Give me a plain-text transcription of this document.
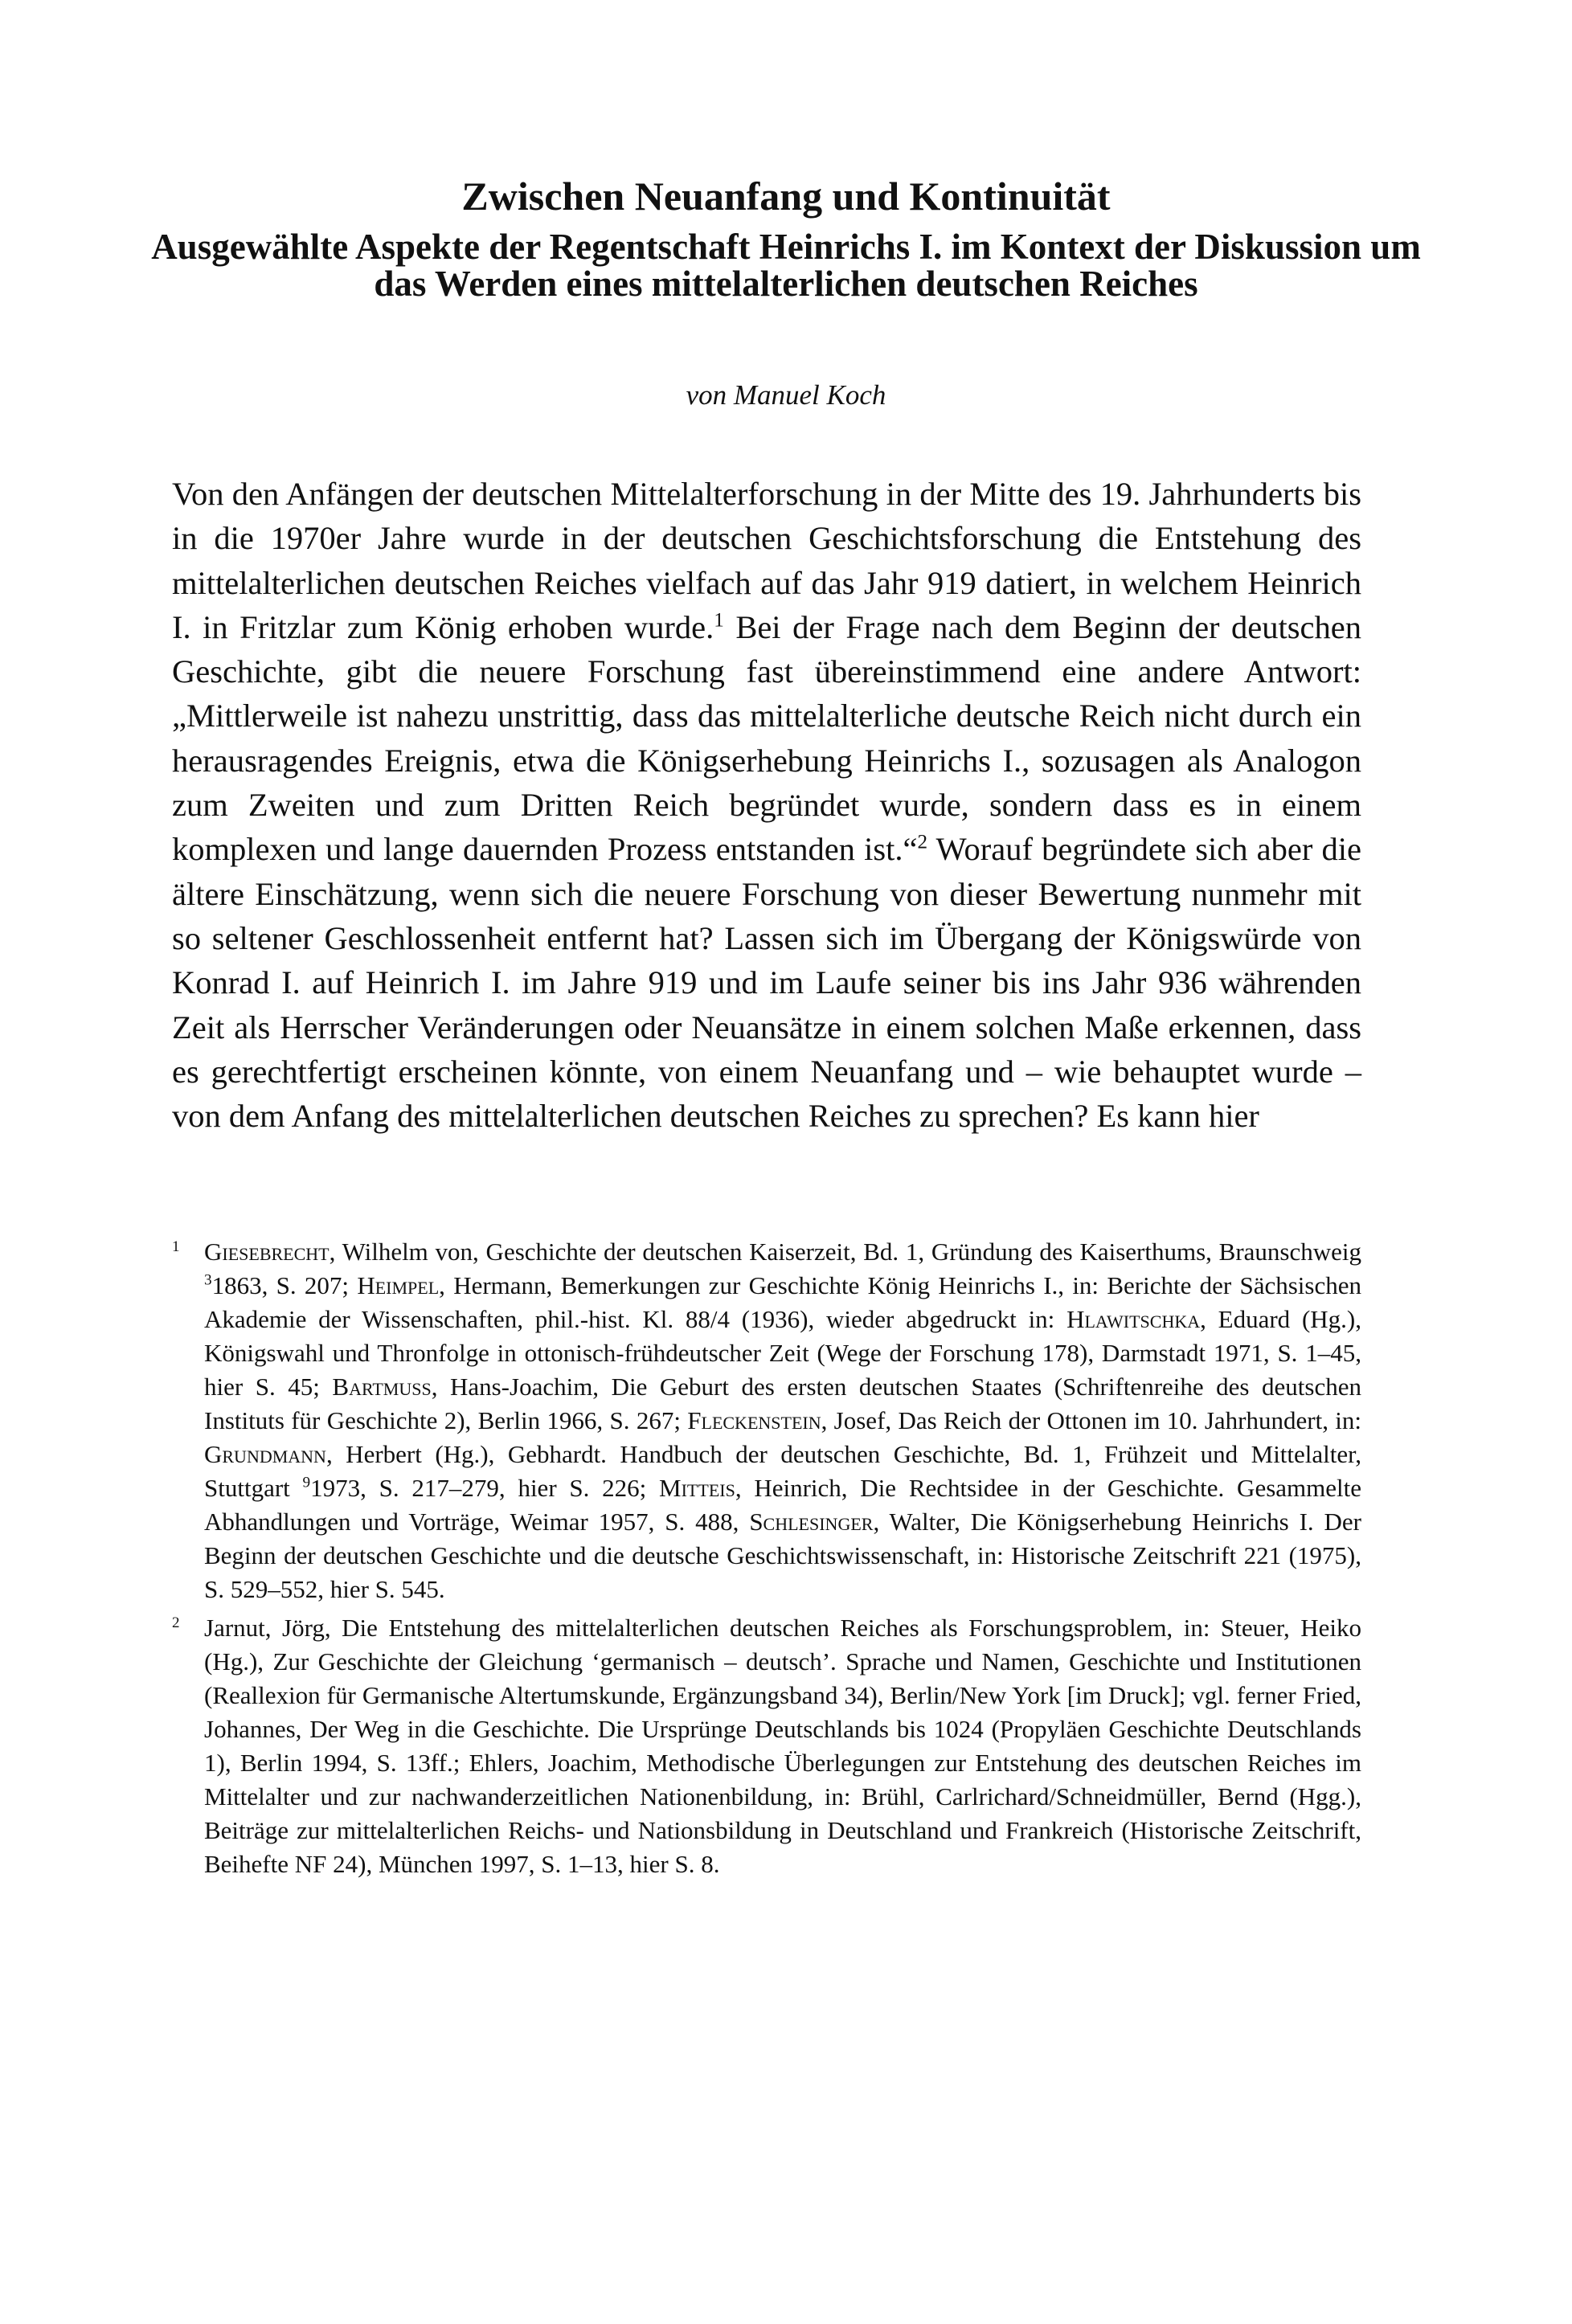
Zwischen Neuanfang und Kontinuität
Ausgewählte Aspekte der Regentschaft Heinrichs I. im Kontext der Diskussion um das Werden eines mittelalterlichen deutschen Reiches

von Manuel Koch

Von den Anfängen der deutschen Mittelalterforschung in der Mitte des 19. Jahrhunderts bis in die 1970er Jahre wurde in der deutschen Geschichtsforschung die Entstehung des mittelalterlichen deutschen Reiches vielfach auf das Jahr 919 datiert, in welchem Heinrich I. in Fritzlar zum König erhoben wurde.$^1$ Bei der Frage nach dem Beginn der deutschen Geschichte, gibt die neuere Forschung fast übereinstimmend eine andere Antwort: „Mittlerweile ist nahezu unstrittig, dass das mittelalterliche deutsche Reich nicht durch ein herausragendes Ereignis, etwa die Königserhebung Heinrichs I., sozusagen als Analogon zum Zweiten und zum Dritten Reich begründet wurde, sondern dass es in einem komplexen und lange dauernden Prozess entstanden ist.“$^2$ Worauf begründete sich aber die ältere Einschätzung, wenn sich die neuere Forschung von dieser Bewertung nunmehr mit so seltener Geschlossenheit entfernt hat? Lassen sich im Übergang der Königswürde von Konrad I. auf Heinrich I. im Jahre 919 und im Laufe seiner bis ins Jahr 936 währenden Zeit als Herrscher Veränderungen oder Neuansätze in einem solchen Maße erkennen, dass es gerechtfertigt erscheinen könnte, von einem Neuanfang und – wie behauptet wurde – von dem Anfang des mittelalterlichen deutschen Reiches zu sprechen? Es kann hier

1 Giesebrecht, Wilhelm von, Geschichte der deutschen Kaiserzeit, Bd. 1, Gründung des Kaiserthums, Braunschweig $^3$1863, S. 207; Heimpel, Hermann, Bemerkungen zur Geschichte König Heinrichs I., in: Berichte der Sächsischen Akademie der Wissenschaften, phil.-hist. Kl. 88/4 (1936), wieder abgedruckt in: Hlawitschka, Eduard (Hg.), Königswahl und Thronfolge in ottonisch-frühdeutscher Zeit (Wege der Forschung 178), Darmstadt 1971, S. 1–45, hier S. 45; Bartmuss, Hans-Joachim, Die Geburt des ersten deutschen Staates (Schriftenreihe des deutschen Instituts für Geschichte 2), Berlin 1966, S. 267; Fleckenstein, Josef, Das Reich der Ottonen im 10. Jahrhundert, in: Grundmann, Herbert (Hg.), Gebhardt. Handbuch der deutschen Geschichte, Bd. 1, Frühzeit und Mittelalter, Stuttgart $^9$1973, S. 217–279, hier S. 226; Mitteis, Heinrich, Die Rechtsidee in der Geschichte. Gesammelte Abhandlungen und Vorträge, Weimar 1957, S. 488, Schlesinger, Walter, Die Königserhebung Heinrichs I. Der Beginn der deutschen Geschichte und die deutsche Geschichtswissenschaft, in: Historische Zeitschrift 221 (1975), S. 529–552, hier S. 545.

2 Jarnut, Jörg, Die Entstehung des mittelalterlichen deutschen Reiches als Forschungsproblem, in: Steuer, Heiko (Hg.), Zur Geschichte der Gleichung ‘germanisch – deutsch’. Sprache und Namen, Geschichte und Institutionen (Reallexion für Germanische Altertumskunde, Ergänzungsband 34), Berlin/New York [im Druck]; vgl. ferner Fried, Johannes, Der Weg in die Geschichte. Die Ursprünge Deutschlands bis 1024 (Propyläen Geschichte Deutschlands 1), Berlin 1994, S. 13ff.; Ehlers, Joachim, Methodische Überlegungen zur Entstehung des deutschen Reiches im Mittelalter und zur nachwanderzeitlichen Nationenbildung, in: Brühl, Carlrichard/Schneidmüller, Bernd (Hgg.), Beiträge zur mittelalterlichen Reichs- und Nationsbildung in Deutschland und Frankreich (Historische Zeitschrift, Beihefte NF 24), München 1997, S. 1–13, hier S. 8.
